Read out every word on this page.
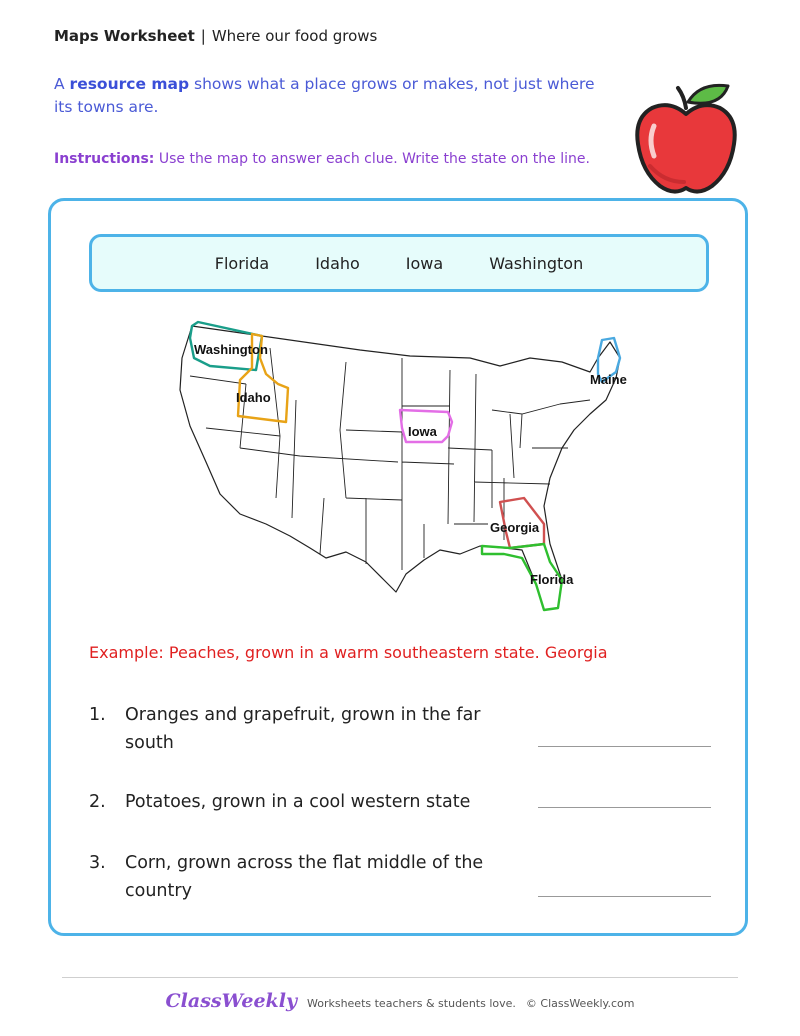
Maps Worksheet | Where our food grows
A resource map shows what a place grows or makes, not just where its towns are.
Instructions: Use the map to answer each clue. Write the state on the line.
Florida	Idaho	Iowa	Washington
Washington
Idaho
Iowa
Maine
Georgia
Florida
Example: Peaches, grown in a warm southeastern state. Georgia
1.	Oranges and grapefruit, grown in the far south
2.	Potatoes, grown in a cool western state
3.	Corn, grown across the flat middle of the country
ClassWeekly Worksheets teachers & students love. © ClassWeekly.com
